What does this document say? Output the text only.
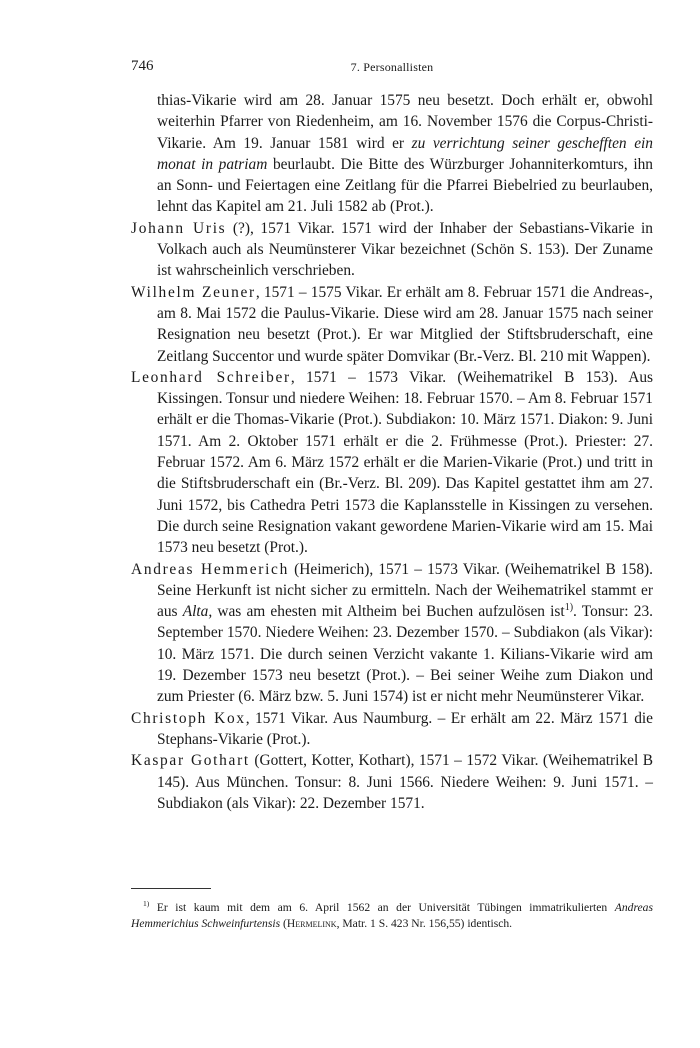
746	7. Personallisten

thias-Vikarie wird am 28. Januar 1575 neu besetzt. Doch erhält er, obwohl weiterhin Pfarrer von Riedenheim, am 16. November 1576 die Corpus-Christi-Vikarie. Am 19. Januar 1581 wird er zu verrichtung seiner geschefften ein monat in patriam beurlaubt. Die Bitte des Würzburger Johanniterkomturs, ihn an Sonn- und Feiertagen eine Zeitlang für die Pfarrei Biebelried zu beurlauben, lehnt das Kapitel am 21. Juli 1582 ab (Prot.).

Johann Uris (?), 1571 Vikar. 1571 wird der Inhaber der Sebastians-Vikarie in Volkach auch als Neumünsterer Vikar bezeichnet (Schön S. 153). Der Zuname ist wahrscheinlich verschrieben.

Wilhelm Zeuner, 1571 – 1575 Vikar. Er erhält am 8. Februar 1571 die Andreas-, am 8. Mai 1572 die Paulus-Vikarie. Diese wird am 28. Januar 1575 nach seiner Resignation neu besetzt (Prot.). Er war Mitglied der Stiftsbruderschaft, eine Zeitlang Succentor und wurde später Domvikar (Br.-Verz. Bl. 210 mit Wappen).

Leonhard Schreiber, 1571 – 1573 Vikar. (Weihematrikel B 153). Aus Kissingen. Tonsur und niedere Weihen: 18. Februar 1570. – Am 8. Februar 1571 erhält er die Thomas-Vikarie (Prot.). Subdiakon: 10. März 1571. Diakon: 9. Juni 1571. Am 2. Oktober 1571 erhält er die 2. Frühmesse (Prot.). Priester: 27. Februar 1572. Am 6. März 1572 erhält er die Marien-Vikarie (Prot.) und tritt in die Stiftsbruderschaft ein (Br.-Verz. Bl. 209). Das Kapitel gestattet ihm am 27. Juni 1572, bis Cathedra Petri 1573 die Kaplansstelle in Kissingen zu versehen. Die durch seine Resignation vakant gewordene Marien-Vikarie wird am 15. Mai 1573 neu besetzt (Prot.).

Andreas Hemmerich (Heimerich), 1571 – 1573 Vikar. (Weihematrikel B 158). Seine Herkunft ist nicht sicher zu ermitteln. Nach der Weihematrikel stammt er aus Alta, was am ehesten mit Altheim bei Buchen aufzulösen ist$^{1)}$. Tonsur: 23. September 1570. Niedere Weihen: 23. Dezember 1570. – Subdiakon (als Vikar): 10. März 1571. Die durch seinen Verzicht vakante 1. Kilians-Vikarie wird am 19. Dezember 1573 neu besetzt (Prot.). – Bei seiner Weihe zum Diakon und zum Priester (6. März bzw. 5. Juni 1574) ist er nicht mehr Neumünsterer Vikar.

Christoph Kox, 1571 Vikar. Aus Naumburg. – Er erhält am 22. März 1571 die Stephans-Vikarie (Prot.).

Kaspar Gothart (Gottert, Kotter, Kothart), 1571 – 1572 Vikar. (Weihematrikel B 145). Aus München. Tonsur: 8. Juni 1566. Niedere Weihen: 9. Juni 1571. – Subdiakon (als Vikar): 22. Dezember 1571.

$^{1)}$ Er ist kaum mit dem am 6. April 1562 an der Universität Tübingen immatrikulierten Andreas Hemmerichius Schweinfurtensis (Hermelink, Matr. 1 S. 423 Nr. 156,55) identisch.
